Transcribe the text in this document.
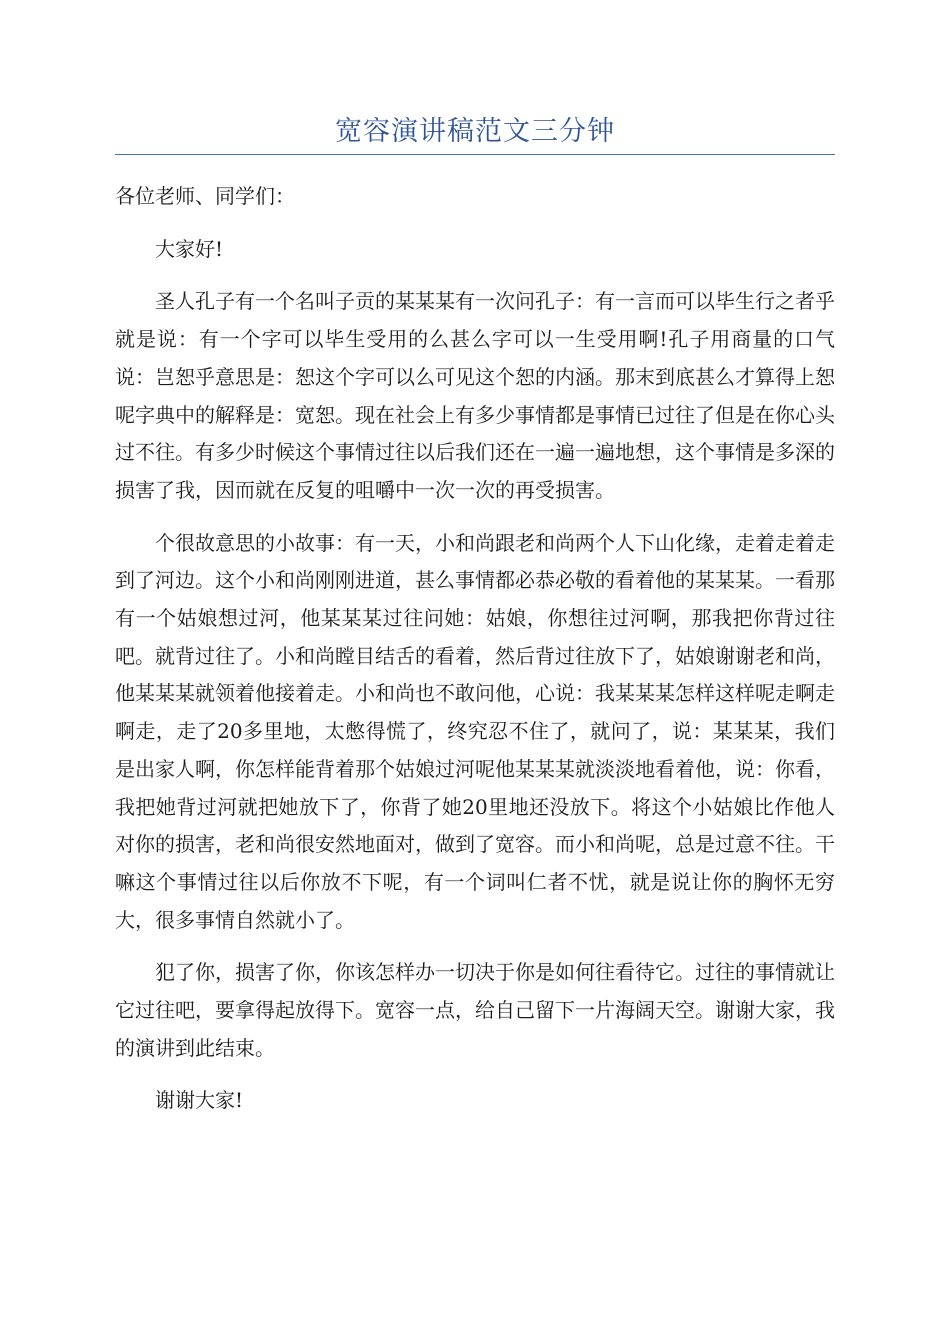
宽容演讲稿范文三分钟

各位老师、同学们：

大家好!

圣人孔子有一个名叫子贡的某某某有一次问孔子：有一言而可以毕生行之者乎就是说：有一个字可以毕生受用的么甚么字可以一生受用啊!孔子用商量的口气说：岂恕乎意思是：恕这个字可以么可见这个恕的内涵。那末到底甚么才算得上恕呢字典中的解释是：宽恕。现在社会上有多少事情都是事情已过往了但是在你心头过不往。有多少时候这个事情过往以后我们还在一遍一遍地想，这个事情是多深的损害了我，因而就在反复的咀嚼中一次一次的再受损害。

个很故意思的小故事：有一天，小和尚跟老和尚两个人下山化缘，走着走着走到了河边。这个小和尚刚刚进道，甚么事情都必恭必敬的看着他的某某某。一看那有一个姑娘想过河，他某某某过往问她：姑娘，你想往过河啊，那我把你背过往吧。就背过往了。小和尚瞠目结舌的看着，然后背过往放下了，姑娘谢谢老和尚，他某某某就领着他接着走。小和尚也不敢问他，心说：我某某某怎样这样呢走啊走啊走，走了20多里地，太憋得慌了，终究忍不住了，就问了，说：某某某，我们是出家人啊，你怎样能背着那个姑娘过河呢他某某某就淡淡地看着他，说：你看，我把她背过河就把她放下了，你背了她20里地还没放下。将这个小姑娘比作他人对你的损害，老和尚很安然地面对，做到了宽容。而小和尚呢，总是过意不往。干嘛这个事情过往以后你放不下呢，有一个词叫仁者不忧，就是说让你的胸怀无穷大，很多事情自然就小了。

犯了你，损害了你，你该怎样办一切决于你是如何往看待它。过往的事情就让它过往吧，要拿得起放得下。宽容一点，给自己留下一片海阔天空。谢谢大家，我的演讲到此结束。

谢谢大家!
